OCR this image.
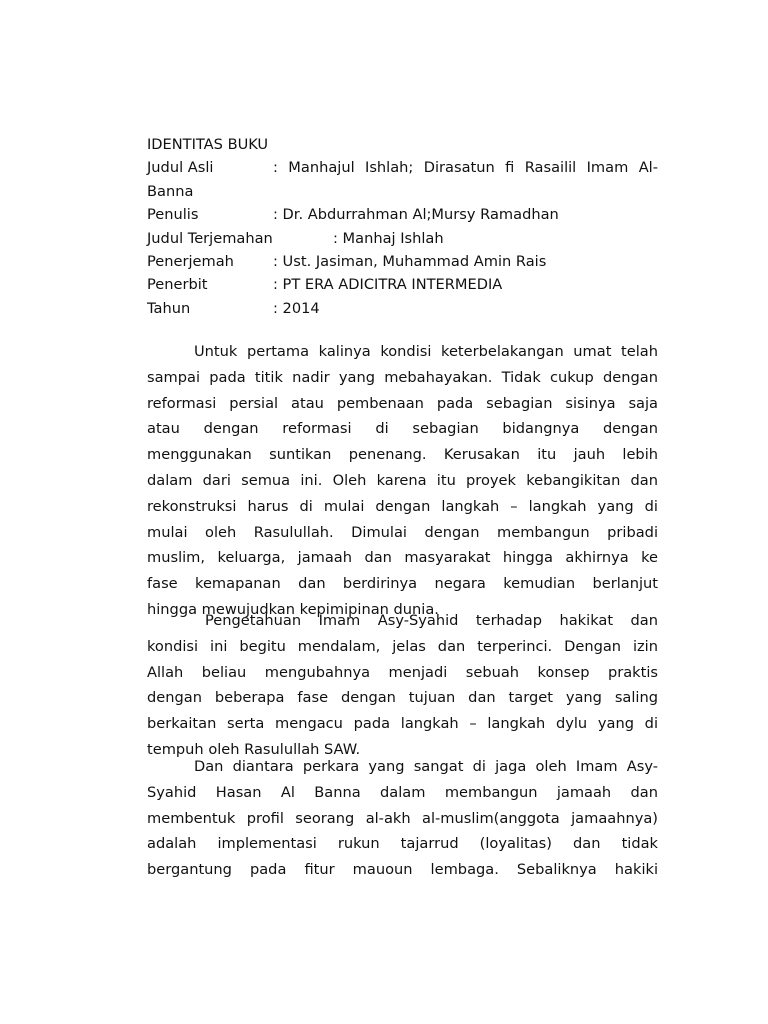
IDENTITAS BUKU
Judul Asli	: Manhajul Ishlah; Dirasatun fi Rasailil Imam Al-
Banna
Penulis	: Dr. Abdurrahman Al;Mursy Ramadhan
Judul Terjemahan	: Manhaj Ishlah
Penerjemah	: Ust. Jasiman, Muhammad Amin Rais
Penerbit	: PT ERA ADICITRA INTERMEDIA
Tahun	: 2014
Untuk pertama kalinya kondisi keterbelakangan umat telah
sampai pada titik nadir yang mebahayakan. Tidak cukup dengan
reformasi persial atau pembenaan pada sebagian sisinya saja
atau dengan reformasi di sebagian bidangnya dengan
menggunakan suntikan penenang. Kerusakan itu jauh lebih
dalam dari semua ini. Oleh karena itu proyek kebangikitan dan
rekonstruksi harus di mulai dengan langkah – langkah yang di
mulai oleh Rasulullah. Dimulai dengan membangun pribadi
muslim, keluarga, jamaah dan masyarakat hingga akhirnya ke
fase kemapanan dan berdirinya negara kemudian berlanjut
hingga mewujudkan kepimipinan dunia.
Pengetahuan Imam Asy-Syahid terhadap hakikat dan
kondisi ini begitu mendalam, jelas dan terperinci. Dengan izin
Allah beliau mengubahnya menjadi sebuah konsep praktis
dengan beberapa fase dengan tujuan dan target yang saling
berkaitan serta mengacu pada langkah – langkah dylu yang di
tempuh oleh Rasulullah SAW.
Dan diantara perkara yang sangat di jaga oleh Imam Asy-
Syahid Hasan Al Banna dalam membangun jamaah dan
membentuk profil seorang al-akh al-muslim(anggota jamaahnya)
adalah implementasi rukun tajarrud (loyalitas) dan tidak
bergantung pada fitur mauoun lembaga. Sebaliknya hakiki
